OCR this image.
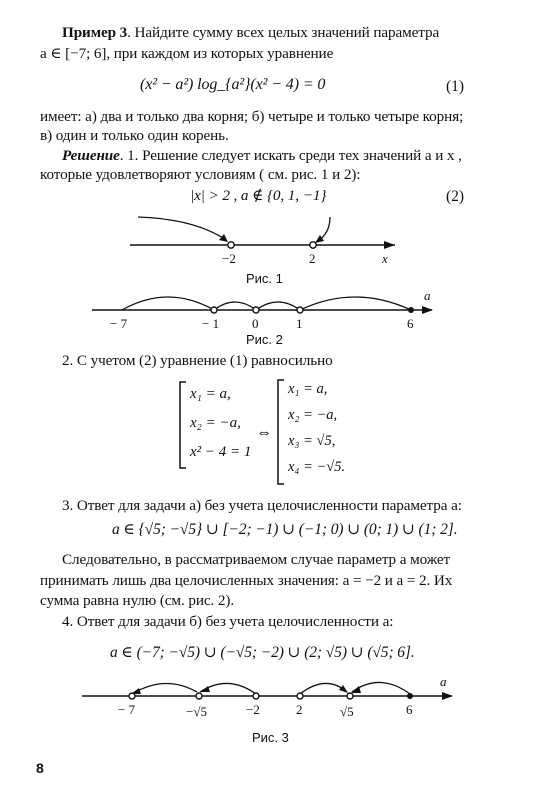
Пример 3. Найдите сумму всех целых значений параметра
a ∈ [−7; 6], при каждом из которых уравнение
(x² − a²) log_{a²}(x² − 4) = 0	(1)
имеет: а) два и только два корня; б) четыре и только четыре корня;
в) один и только один корень.
Решение. 1. Решение следует искать среди тех значений a и x ,
которые удовлетворяют условиям ( см. рис. 1 и 2):
|x| > 2 , a ∉ {0, 1, −1}	(2)
−2	2	x
Рис. 1
− 7	− 1	0	1	6
a
Рис. 2
2. С учетом (2) уравнение (1) равносильно
x₁ = a,
x₂ = −a,
x² − 4 = 1
⇔
x₁ = a,
x₂ = −a,
x₃ = √5,
x₄ = −√5.
3. Ответ для задачи а) без учета целочисленности параметра a:
a ∈ {√5; −√5} ∪ [−2; −1) ∪ (−1; 0) ∪ (0; 1) ∪ (1; 2].
Следовательно, в рассматриваемом случае параметр a может
принимать лишь два целочисленных значения: a = −2 и a = 2. Их
сумма равна нулю (см. рис. 2).
4. Ответ для задачи б) без учета целочисленности a:
a ∈ (−7; −√5) ∪ (−√5; −2) ∪ (2; √5) ∪ (√5; 6].
− 7	−√5	−2	2	√5	6
a
Рис. 3
8
